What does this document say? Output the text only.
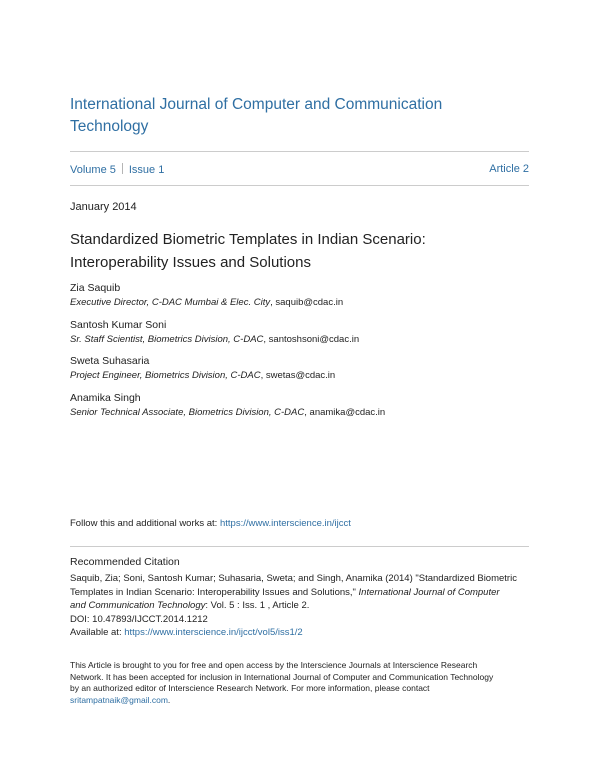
International Journal of Computer and Communication
Technology
Volume 5 Issue 1	Article 2
January 2014
Standardized Biometric Templates in Indian Scenario:
Interoperability Issues and Solutions
Zia Saquib
Executive Director, C-DAC Mumbai & Elec. City, saquib@cdac.in
Santosh Kumar Soni
Sr. Staff Scientist, Biometrics Division, C-DAC, santoshsoni@cdac.in
Sweta Suhasaria
Project Engineer, Biometrics Division, C-DAC, swetas@cdac.in
Anamika Singh
Senior Technical Associate, Biometrics Division, C-DAC, anamika@cdac.in
Follow this and additional works at: https://www.interscience.in/ijcct
Recommended Citation
Saquib, Zia; Soni, Santosh Kumar; Suhasaria, Sweta; and Singh, Anamika (2014) "Standardized Biometric
Templates in Indian Scenario: Interoperability Issues and Solutions," International Journal of Computer
and Communication Technology: Vol. 5 : Iss. 1 , Article 2.
DOI: 10.47893/IJCCT.2014.1212
Available at: https://www.interscience.in/ijcct/vol5/iss1/2
This Article is brought to you for free and open access by the Interscience Journals at Interscience Research
Network. It has been accepted for inclusion in International Journal of Computer and Communication Technology
by an authorized editor of Interscience Research Network. For more information, please contact
sritampatnaik@gmail.com.
